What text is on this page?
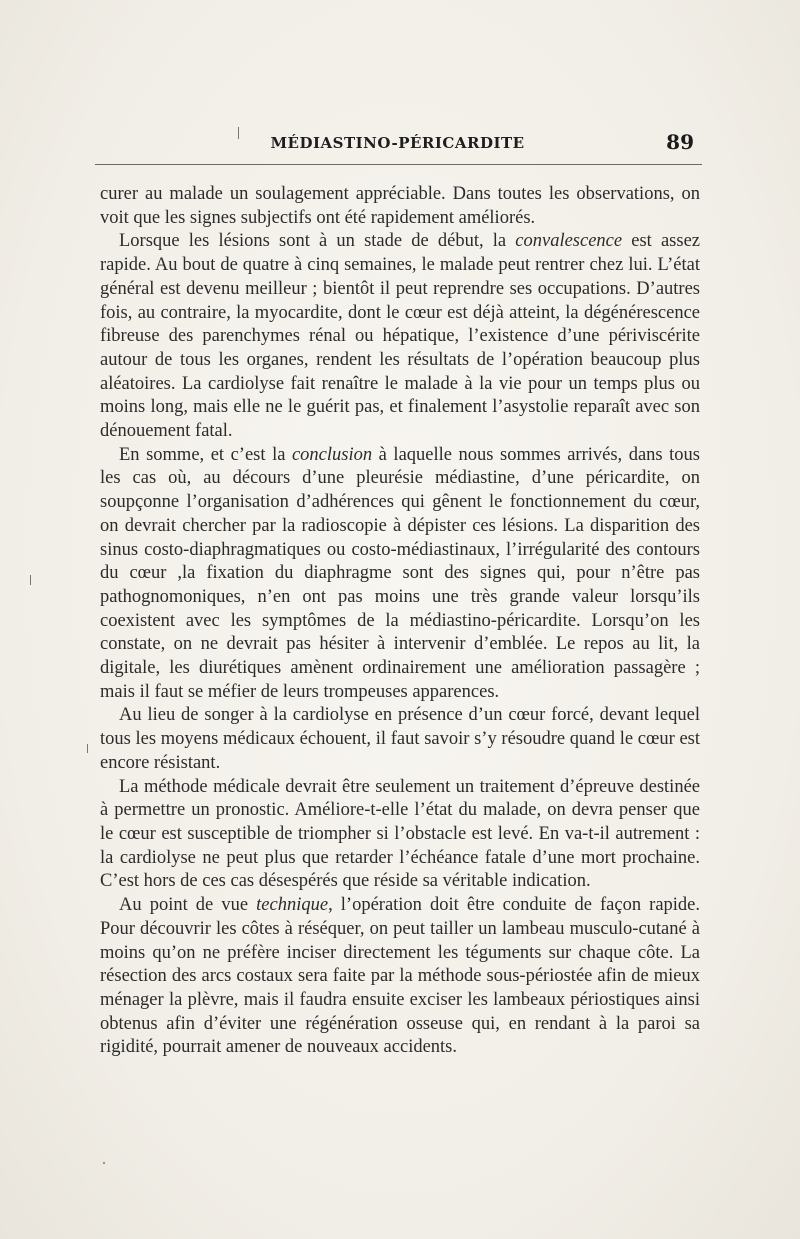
MÉDIASTINO-PÉRICARDITE	89

curer au malade un soulagement appréciable. Dans toutes les observations, on voit que les signes subjectifs ont été rapidement améliorés.

Lorsque les lésions sont à un stade de début, la convalescence est assez rapide. Au bout de quatre à cinq semaines, le malade peut rentrer chez lui. L’état général est devenu meilleur ; bientôt il peut reprendre ses occupations. D’autres fois, au contraire, la myocardite, dont le cœur est déjà atteint, la dégénérescence fibreuse des parenchymes rénal ou hépatique, l’existence d’une périviscérite autour de tous les organes, rendent les résultats de l’opération beaucoup plus aléatoires. La cardiolyse fait renaître le malade à la vie pour un temps plus ou moins long, mais elle ne le guérit pas, et finalement l’asystolie reparaît avec son dénouement fatal.

En somme, et c’est la conclusion à laquelle nous sommes arrivés, dans tous les cas où, au décours d’une pleurésie médiastine, d’une péricardite, on soupçonne l’organisation d’adhérences qui gênent le fonctionnement du cœur, on devrait chercher par la radioscopie à dépister ces lésions. La disparition des sinus costo-diaphragmatiques ou costo-médiastinaux, l’irrégularité des contours du cœur ,la fixation du diaphragme sont des signes qui, pour n’être pas pathognomoniques, n’en ont pas moins une très grande valeur lorsqu’ils coexistent avec les symptômes de la médiastino-péricardite. Lorsqu’on les constate, on ne devrait pas hésiter à intervenir d’emblée. Le repos au lit, la digitale, les diurétiques amènent ordinairement une amélioration passagère ; mais il faut se méfier de leurs trompeuses apparences.

Au lieu de songer à la cardiolyse en présence d’un cœur forcé, devant lequel tous les moyens médicaux échouent, il faut savoir s’y résoudre quand le cœur est encore résistant.

La méthode médicale devrait être seulement un traitement d’épreuve destinée à permettre un pronostic. Améliore-t-elle l’état du malade, on devra penser que le cœur est susceptible de triompher si l’obstacle est levé. En va-t-il autrement : la cardiolyse ne peut plus que retarder l’échéance fatale d’une mort prochaine. C’est hors de ces cas désespérés que réside sa véritable indication.

Au point de vue technique, l’opération doit être conduite de façon rapide. Pour découvrir les côtes à réséquer, on peut tailler un lambeau musculo-cutané à moins qu’on ne préfère inciser directement les téguments sur chaque côte. La résection des arcs costaux sera faite par la méthode sous-périostée afin de mieux ménager la plèvre, mais il faudra ensuite exciser les lambeaux périostiques ainsi obtenus afin d’éviter une régénération osseuse qui, en rendant à la paroi sa rigidité, pourrait amener de nouveaux accidents.
